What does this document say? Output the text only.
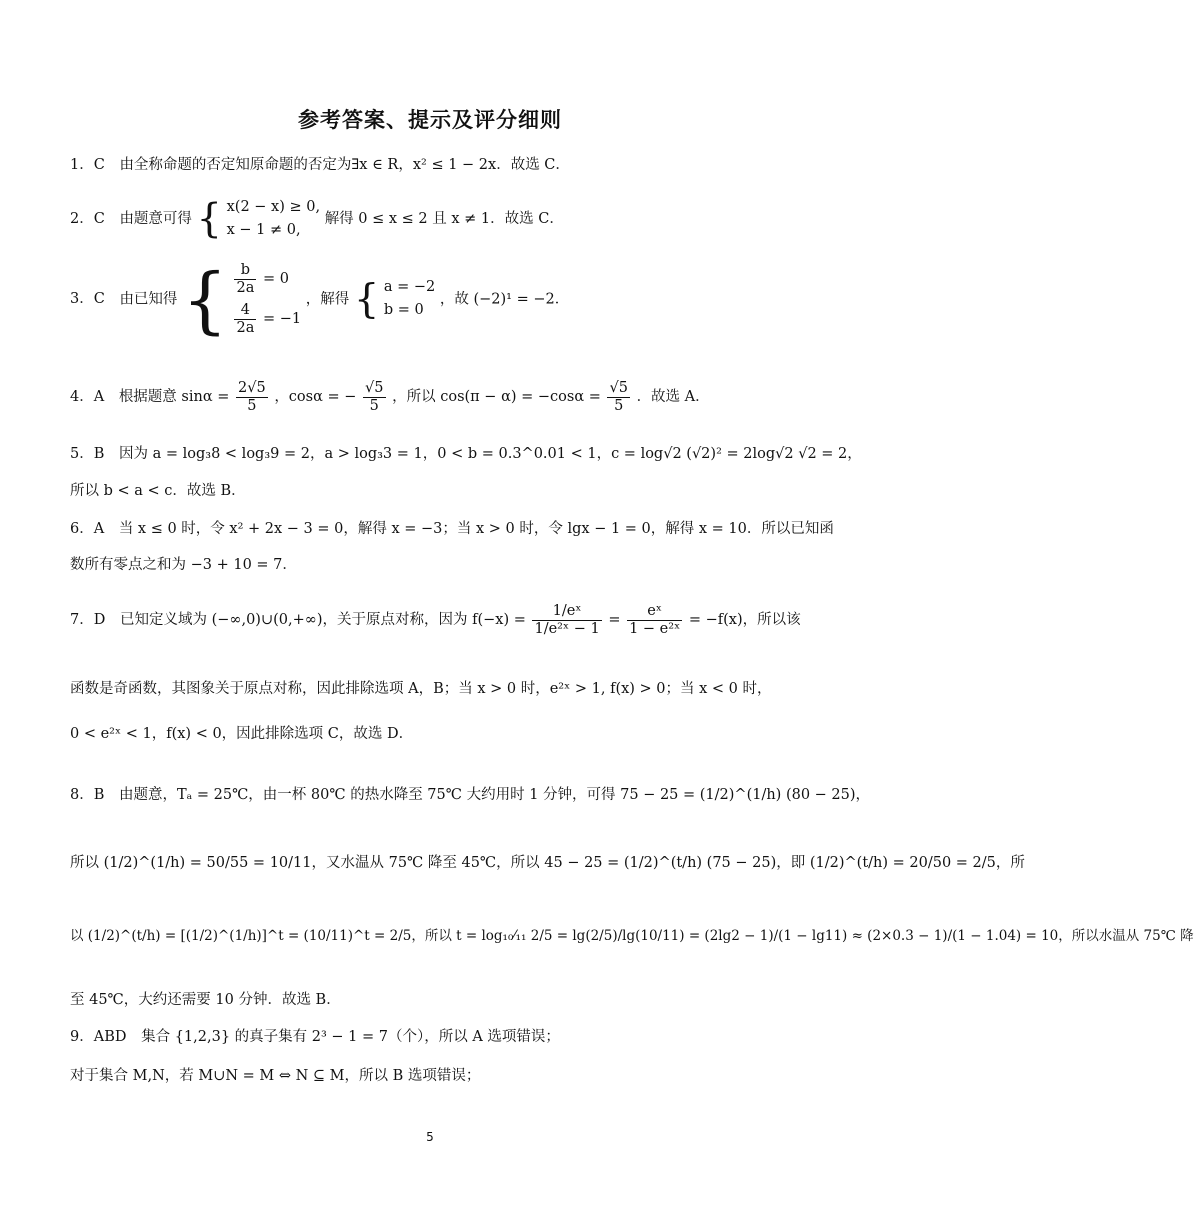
参考答案、提示及评分细则
1．C 由全称命题的否定知原命题的否定为∃x ∈ R，x² ≤ 1 − 2x．故选 C．
2．C 由题意可得 { x(2 − x) ≥ 0,
x − 1 ≠ 0,
解得 0 ≤ x ≤ 2 且 x ≠ 1．故选 C．
3．C 由已知得 { $\frac{b}{2a} = 0$
$\frac{4}{2a} = -1$
，解得 { a = −2
b = 0
，故 (−2)¹ = −2．
4．A 根据题意 $\sin\alpha = \frac{2√5}{5}$ ，cosα = − $\frac{√5}{5}$ ，所以 $\cos(\pi - \alpha) = -\cos\alpha = \frac{√5}{5}$ ．故选 A．
5．B 因为 a = log₃8 < log₃9 = 2，a > log₃3 = 1，0 < b = 0.3^0.01 < 1，c = log√2 (√2)² = 2log√2 √2 = 2，
所以 b < a < c．故选 B．
6．A 当 x ≤ 0 时，令 x² + 2x − 3 = 0，解得 x = −3；当 x > 0 时，令 lgx − 1 = 0，解得 x = 10．所以已知函
数所有零点之和为 −3 + 10 = 7．
7．D 已知定义域为 (−∞,0)∪(0,+∞)，关于原点对称，因为 $f(-x) = \frac{\text{1/eˣ}}{\text{1/e²ˣ − 1}} = \frac{\text{eˣ}}{\text{1 − e²ˣ}} = -f(x)$，所以该
函数是奇函数，其图象关于原点对称，因此排除选项 A，B；当 x > 0 时，e²ˣ > 1, f(x) > 0；当 x < 0 时，
0 < e²ˣ < 1，f(x) < 0，因此排除选项 C，故选 D．
8．B 由题意，Tₐ = 25℃，由一杯 80℃ 的热水降至 75℃ 大约用时 1 分钟，可得 75 − 25 = (1/2)^(1/h) (80 − 25)，
所以 (1/2)^(1/h) = 50/55 = 10/11，又水温从 75℃ 降至 45℃，所以 45 − 25 = (1/2)^(t/h) (75 − 25)，即 (1/2)^(t/h) = 20/50 = 2/5，所
以 (1/2)^(t/h) = [(1/2)^(1/h)]^t = (10/11)^t = 2/5，所以 t = log₁₀⁄₁₁ 2/5 = lg(2/5)/lg(10/11) = (2lg2 − 1)/(1 − lg11) ≈ (2×0.3 − 1)/(1 − 1.04) = 10，所以水温从 75℃ 降
至 45℃，大约还需要 10 分钟．故选 B．
9．ABD 集合 {1,2,3} 的真子集有 2³ − 1 = 7（个），所以 A 选项错误；
对于集合 M,N，若 M∪N = M ⇔ N ⊆ M，所以 B 选项错误；
5
